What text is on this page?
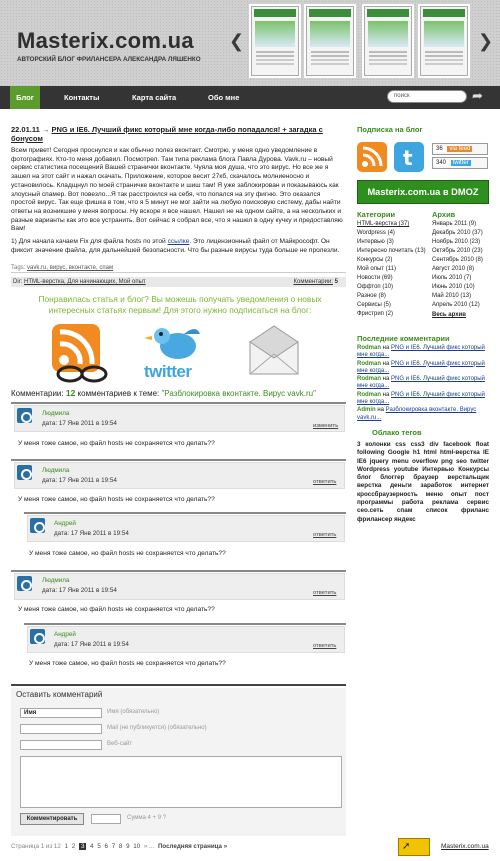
Masterix.com.ua
АВТОРСКИЙ БЛОГ ФРИЛАНСЕРА АЛЕКСАНДРА ЛЯШЕНКО
❮	❯
Блог	Контакты	Карта сайта	Обо мне	поиск	➦
22.01.11 → PNG и IE6. Лучший фикс который мне когда-либо попадался! + загадка с бонусом
Всем привет! Сегодня проснулся и как обычно полез вконтакт. Смотрю, у меня одно уведомление в фотографиях. Кто-то меня добавил. Посмотрел. Там типа реклама блога Павла Дурова. Vavk.ru – новый сервис статистика посещений Вашей странички вконтакте. Чуяла моя душа, что это вирус. Но все же я зашел на этот сайт и нажал скачать. Приложение, которое весит 27кб, скачалось молниеносно и установилось. Кладщнул по моей страничке вконтакте и шиш там! Я уже заблокирован и показываюсь как злоусный спамер. Вот повезло...Я так расстроился на себя, что попался на эту фигню. Это оказался простой вирус. Так еще фишка в том, что я 5 минут не мог зайти на любую поисковую систему, дабы найти ответы на возникшие у меня вопросы. Ну вскоре я все нашел. Нашел не на одном сайте, а на нескольких и разные варианты как это все устранить. Вот сейчас я собрал все, что я нашел в одну кучку и предоставляю Вам!
1) Для начала качаем Fix для файла hosts по этой ссылке. Это лицензионный файл от Майкрософт. Он фиксит значение файла, для дальнейшей безопасности. Что бы разные вирусы туда больше не пролезли.
Tags: vavk.ru, вирус, вконтакте, спам
Dir: HTML-верстка, Для начинающих, Мой опыт	Комментарии: 5
Понравилась статья и блог? Вы можешь получать уведомления о новых интересных статьях первым! Для этого нужно подписаться на блог:
twitter
Комментарии: 12 комментариев к теме: "Разблокировка вконтакте. Вирус vavk.ru"
Людмила
дата: 17 Янв 2011 в 19:54	изменить
У меня тоже самое, но файл hosts не сохраняется что делать??
Людмила
дата: 17 Янв 2011 в 19:54	ответить
У меня тоже самое, но файл hosts не сохраняется что делать??
Андрей
дата: 17 Янв 2011 в 19:54	ответить
У меня тоже самое, но файл hosts не сохраняется что делать??
Людмила
дата: 17 Янв 2011 в 19:54	ответить
У меня тоже самое, но файл hosts не сохраняется что делать??
Андрей
дата: 17 Янв 2011 в 19:54	ответить
У меня тоже самое, но файл hosts не сохраняется что делать??
Оставить комментарий
Имя	Имя (обязательно)
Mail (не публикуется) (обязательно)
Веб-сайт
Комментировать	Сумма 4 + 9 ?
Страница 1 из 12 1 2 3 4 5 6 7 8 9 10 » ... Последняя страница »	➚	Masterix.com.ua
Подписка на блог
t	36 via feed
340 twitter
Masterix.com.ua в DMOZ
Категории
HTML-верстка (37)
Wordpress (4)
Интервью (3)
Интересно почитать (13)
Конкурсы (2)
Мой опыт (11)
Новости (69)
Оффтоп (10)
Разное (8)
Сервисы (5)
Фристрип (2)
Архив
Январь 2011 (9)
Декабрь 2010 (37)
Ноябрь 2010 (23)
Октябрь 2010 (23)
Сентябрь 2010 (8)
Август 2010 (8)
Июль 2010 (7)
Июнь 2010 (10)
Май 2010 (13)
Апрель 2010 (12)
Весь архив
Последние комментарии
Rodman на PNG и IE6. Лучший фикс который мне когда...
Rodman на PNG и IE6. Лучший фикс который мне когда...
Rodman на PNG и IE6. Лучший фикс который мне когда...
Rodman на PNG и IE6. Лучший фикс который мне когда...
Admin на Разблокировка вконтакте. Вирус vavk.ru...
Облако тегов
3 колонки css css3 div facebook float following Google h1 html html-верстка IE IE6 jquery menu overflow png seo twitter Wordpress youtube Интервью Конкурсы блог блоггер браузер верстальщик верстка деньги заработок интернет кроссбраузерность меню опыт пост программы работа реклама сервис сео.сеть спам список фриланс фрилансер яндекс
